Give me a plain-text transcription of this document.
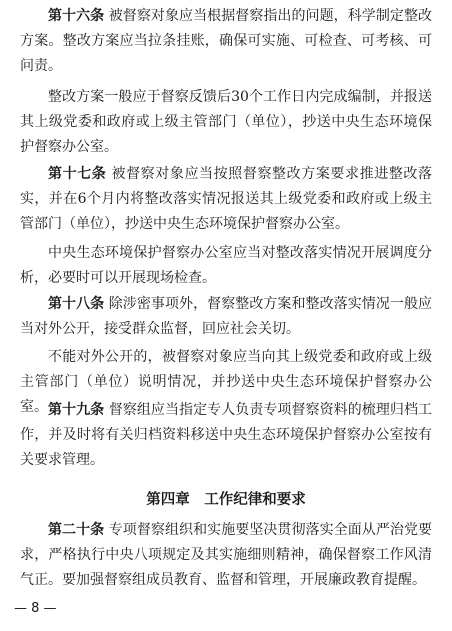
第十六条 被督察对象应当根据督察指出的问题，科学制定整改方案。整改方案应当拉条挂账，确保可实施、可检查、可考核、可问责。

整改方案一般应于督察反馈后30个工作日内完成编制，并报送其上级党委和政府或上级主管部门（单位），抄送中央生态环境保护督察办公室。

第十七条 被督察对象应当按照督察整改方案要求推进整改落实，并在6个月内将整改落实情况报送其上级党委和政府或上级主管部门（单位），抄送中央生态环境保护督察办公室。

中央生态环境保护督察办公室应当对整改落实情况开展调度分析，必要时可以开展现场检查。

第十八条 除涉密事项外，督察整改方案和整改落实情况一般应当对外公开，接受群众监督，回应社会关切。

不能对外公开的，被督察对象应当向其上级党委和政府或上级主管部门（单位）说明情况，并抄送中央生态环境保护督察办公室。 第十九条 督察组应当指定专人负责专项督察资料的梳理归档工作，并及时将有关归档资料移送中央生态环境保护督察办公室按有关要求管理。

第四章　工作纪律和要求

第二十条 专项督察组织和实施要坚决贯彻落实全面从严治党要求，严格执行中央八项规定及其实施细则精神，确保督察工作风清气正。要加强督察组成员教育、监督和管理，开展廉政教育提醒。

— 8 —
